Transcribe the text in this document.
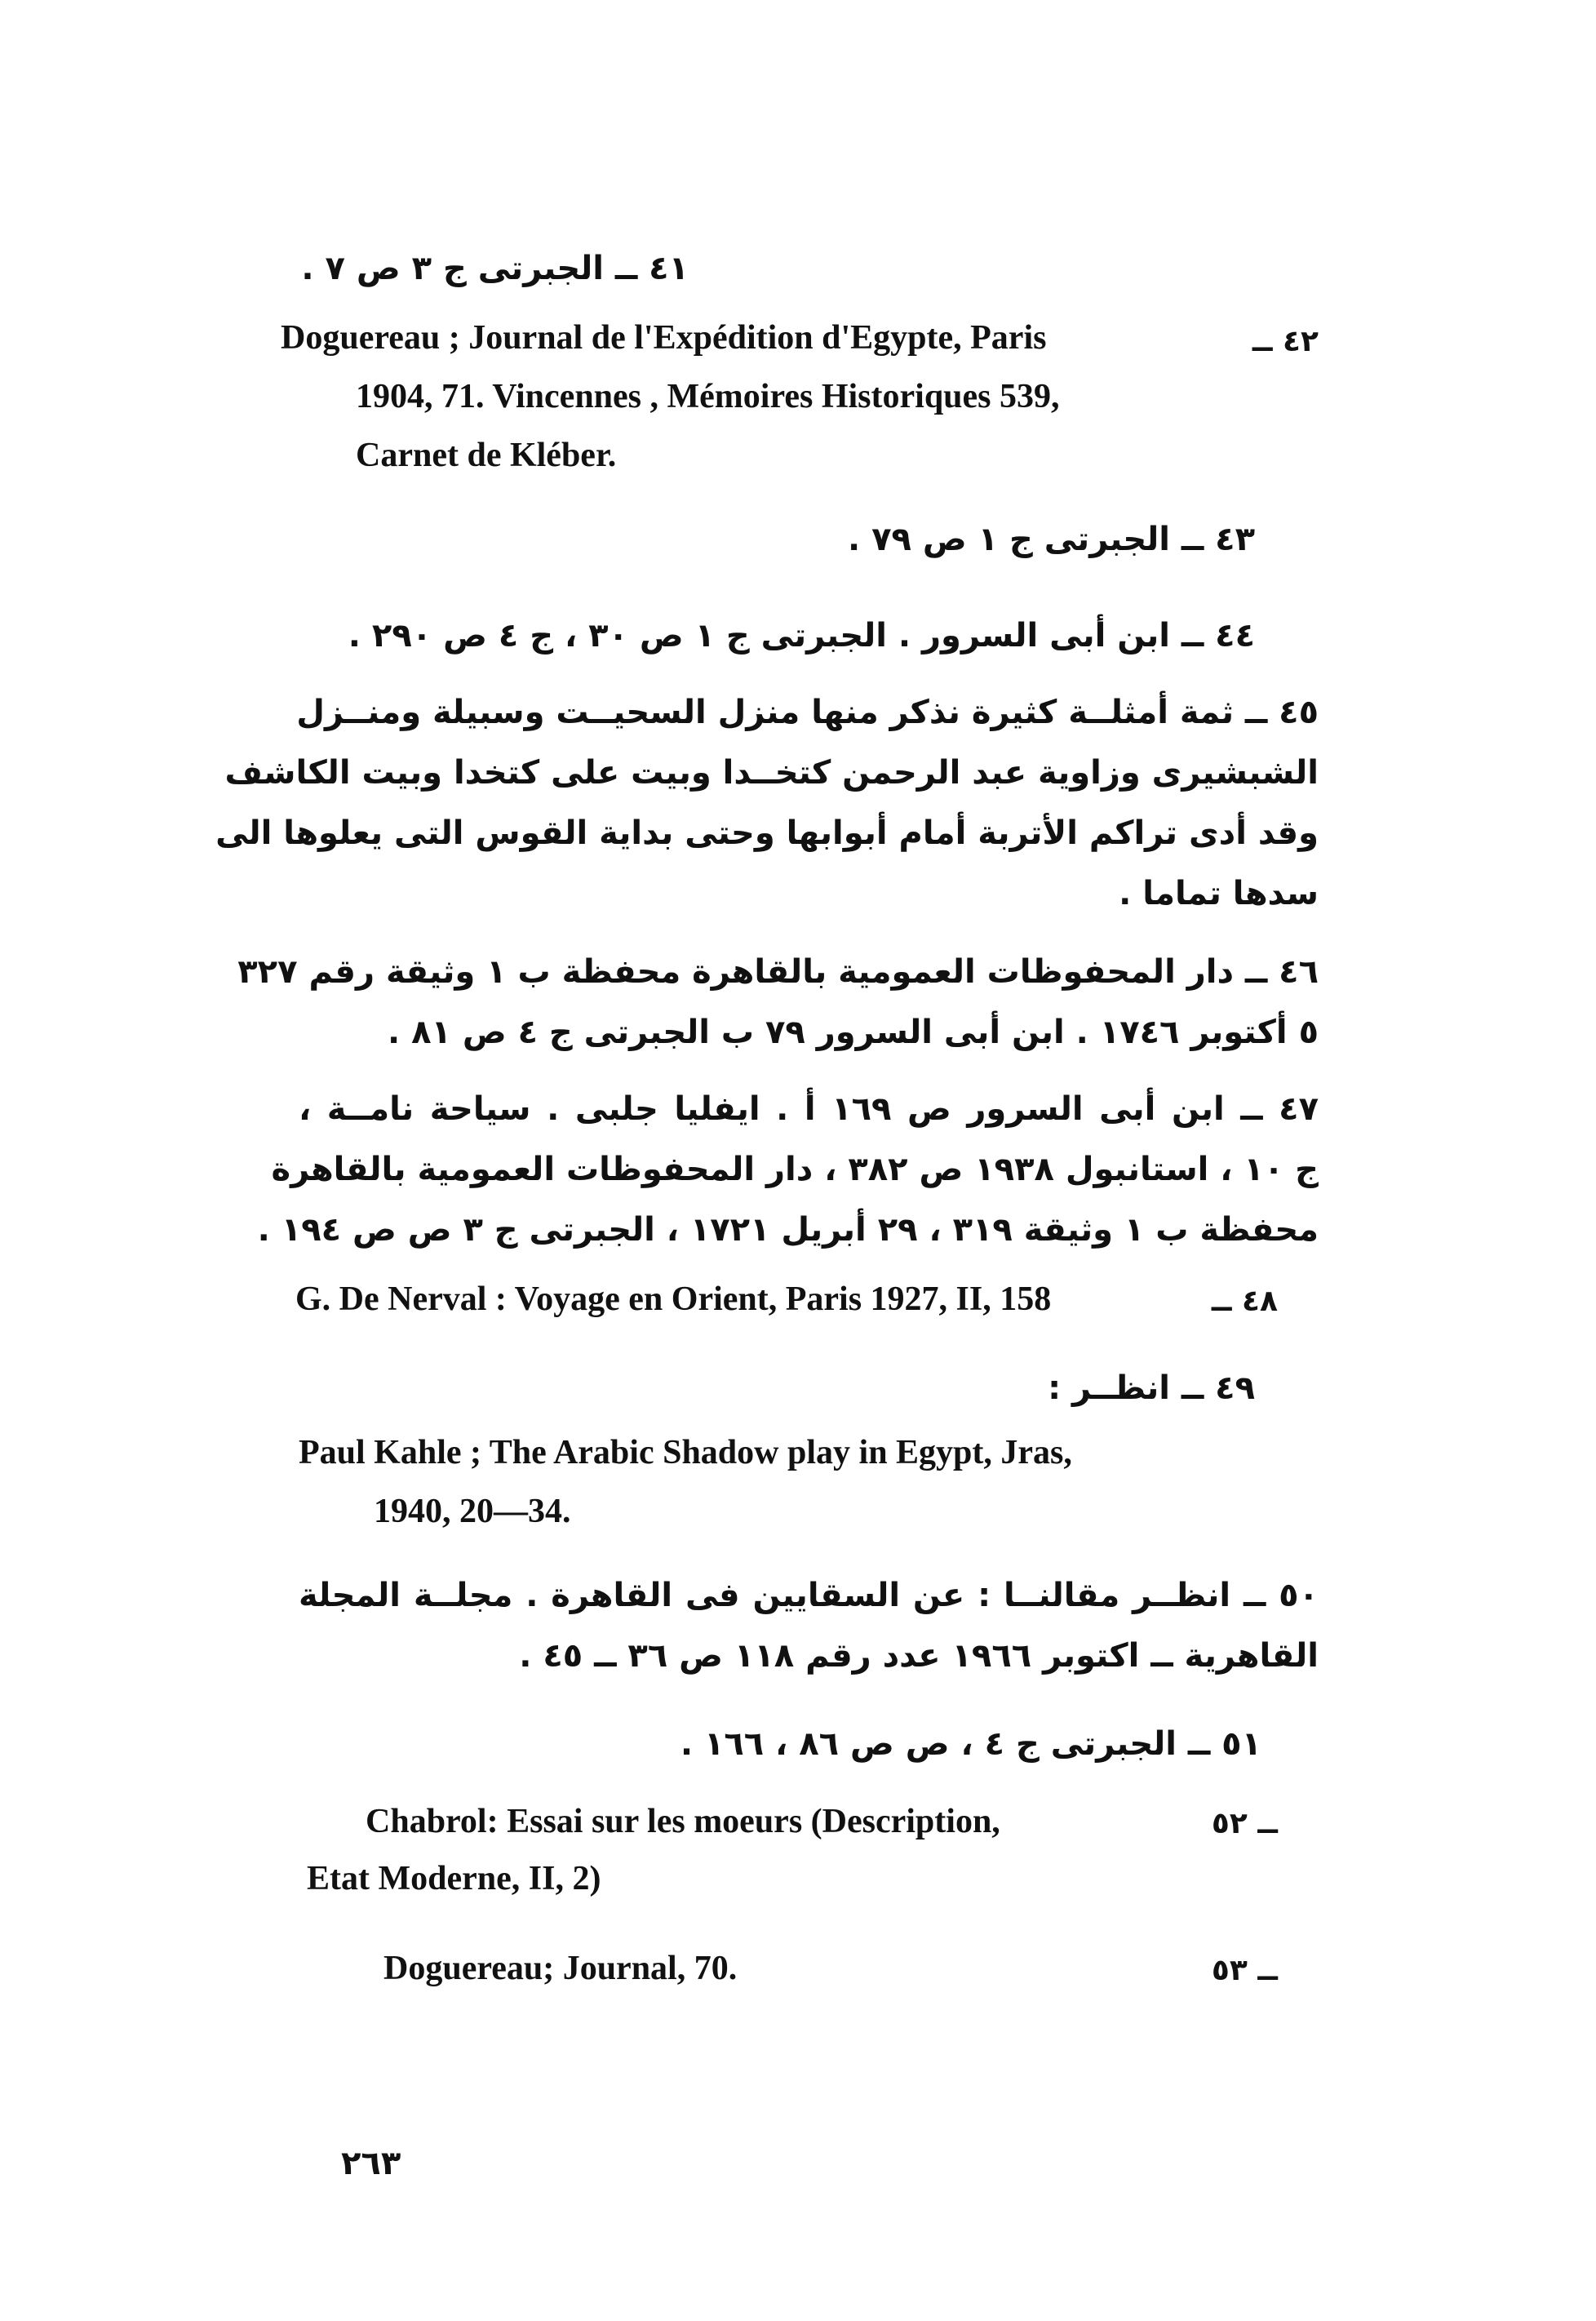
٤١ ــ الجبرتى ج ٣ ص ٧ .
٤٢ ــ
Doguereau ; Journal de l'Expédition d'Egypte, Paris
1904, 71. Vincennes , Mémoires Historiques 539,
Carnet de Kléber.
٤٣ ــ الجبرتى ج ١ ص ٧٩ .
٤٤ ــ ابن أبى السرور . الجبرتى ج ١ ص ٣٠ ، ج ٤ ص ٢٩٠ .
٤٥ ــ ثمة أمثلــة كثيرة نذكر منها منزل السحيــت وسبيلة ومنــزل
الشبشيرى وزاوية عبد الرحمن كتخــدا وبيت على كتخدا وبيت الكاشف
وقد أدى تراكم الأتربة أمام أبوابها وحتى بداية القوس التى يعلوها الى
سدها تماما .
٤٦ ــ دار المحفوظات العمومية بالقاهرة محفظة ب ١ وثيقة رقم ٣٢٧
٥ أكتوبر ١٧٤٦ . ابن أبى السرور ٧٩ ب الجبرتى ج ٤ ص ٨١ .
٤٧ ــ ابن أبى السرور ص ١٦٩ أ . ايفليا جلبى . سياحة نامــة ،
ج ١٠ ، استانبول ١٩٣٨ ص ٣٨٢ ، دار المحفوظات العمومية بالقاهرة
محفظة ب ١ وثيقة ٣١٩ ، ٢٩ أبريل ١٧٢١ ، الجبرتى ج ٣ ص ص ١٩٤ .
٤٨ ــ
G. De Nerval : Voyage en Orient, Paris 1927, II, 158
٤٩ ــ انظــر :
Paul Kahle ; The Arabic Shadow play in Egypt, Jras,
1940, 20—34.
٥٠ ــ انظــر مقالنــا : عن السقايين فى القاهرة . مجلــة المجلة
القاهرية ــ اكتوبر ١٩٦٦ عدد رقم ١١٨ ص ٣٦ ــ ٤٥ .
٥١ ــ الجبرتى ج ٤ ، ص ص ٨٦ ، ١٦٦ .
Chabrol: Essai sur les moeurs (Description,	ــ ٥٢
Etat Moderne, II, 2)
Doguereau; Journal, 70.	ــ ٥٣
٢٦٣
